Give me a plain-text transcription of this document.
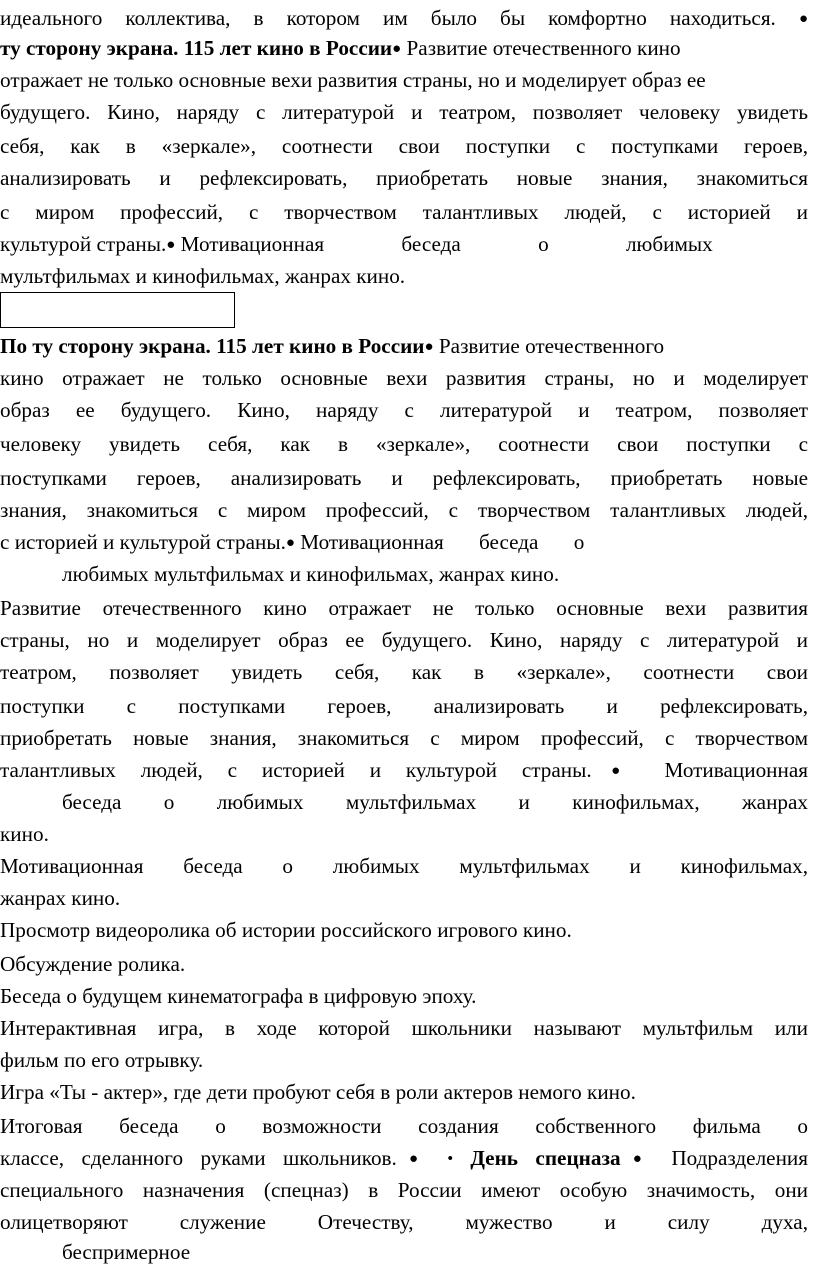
идеального коллектива, в котором им было бы комфортно находиться. ●
ту сторону экрана. 115 лет кино в России● Развитие отечественного кино
отражает не только основные вехи развития страны, но и моделирует образ ее
будущего. Кино, наряду с литературой и театром, позволяет человеку увидеть
себя, как в «зеркале», соотнести свои поступки с поступками героев,
анализировать и рефлексировать, приобретать новые знания, знакомиться
с миром профессий, с творчеством талантливых людей, с историей и
культурой страны.● Мотивационная беседа о любимых
мультфильмах и кинофильмах, жанрах кино.
По ту сторону экрана. 115 лет кино в России● Развитие отечественного
кино отражает не только основные вехи развития страны, но и моделирует
образ ее будущего. Кино, наряду с литературой и театром, позволяет
человеку увидеть себя, как в «зеркале», соотнести свои поступки с
поступками героев, анализировать и рефлексировать, приобретать новые
знания, знакомиться с миром профессий, с творчеством талантливых людей,
с историей и культурой страны.● Мотивационная беседа о
любимых мультфильмах и кинофильмах, жанрах кино.
Развитие отечественного кино отражает не только основные вехи развития
страны, но и моделирует образ ее будущего. Кино, наряду с литературой и
театром, позволяет увидеть себя, как в «зеркале», соотнести свои
поступки с поступками героев, анализировать и рефлексировать,
приобретать новые знания, знакомиться с миром профессий, с творчеством
талантливых людей, с историей и культурой страны.● Мотивационная
беседа о любимых мультфильмах и кинофильмах, жанрах
кино.
Мотивационная беседа о любимых мультфильмах и кинофильмах,
жанрах кино.
Просмотр видеоролика об истории российского игрового кино.
Обсуждение ролика.
Беседа о будущем кинематографа в цифровую эпоху.
Интерактивная игра, в ходе которой школьники называют мультфильм или
фильм по его отрывку.
Игра «Ты - актер», где дети пробуют себя в роли актеров немого кино.
Итоговая беседа о возможности создания собственного фильма о
классе, сделанного руками школьников.● • День спецназа● Подразделения
специального назначения (спецназ) в России имеют особую значимость, они
олицетворяют служение Отечеству, мужество и силу духа,
беспримерное
